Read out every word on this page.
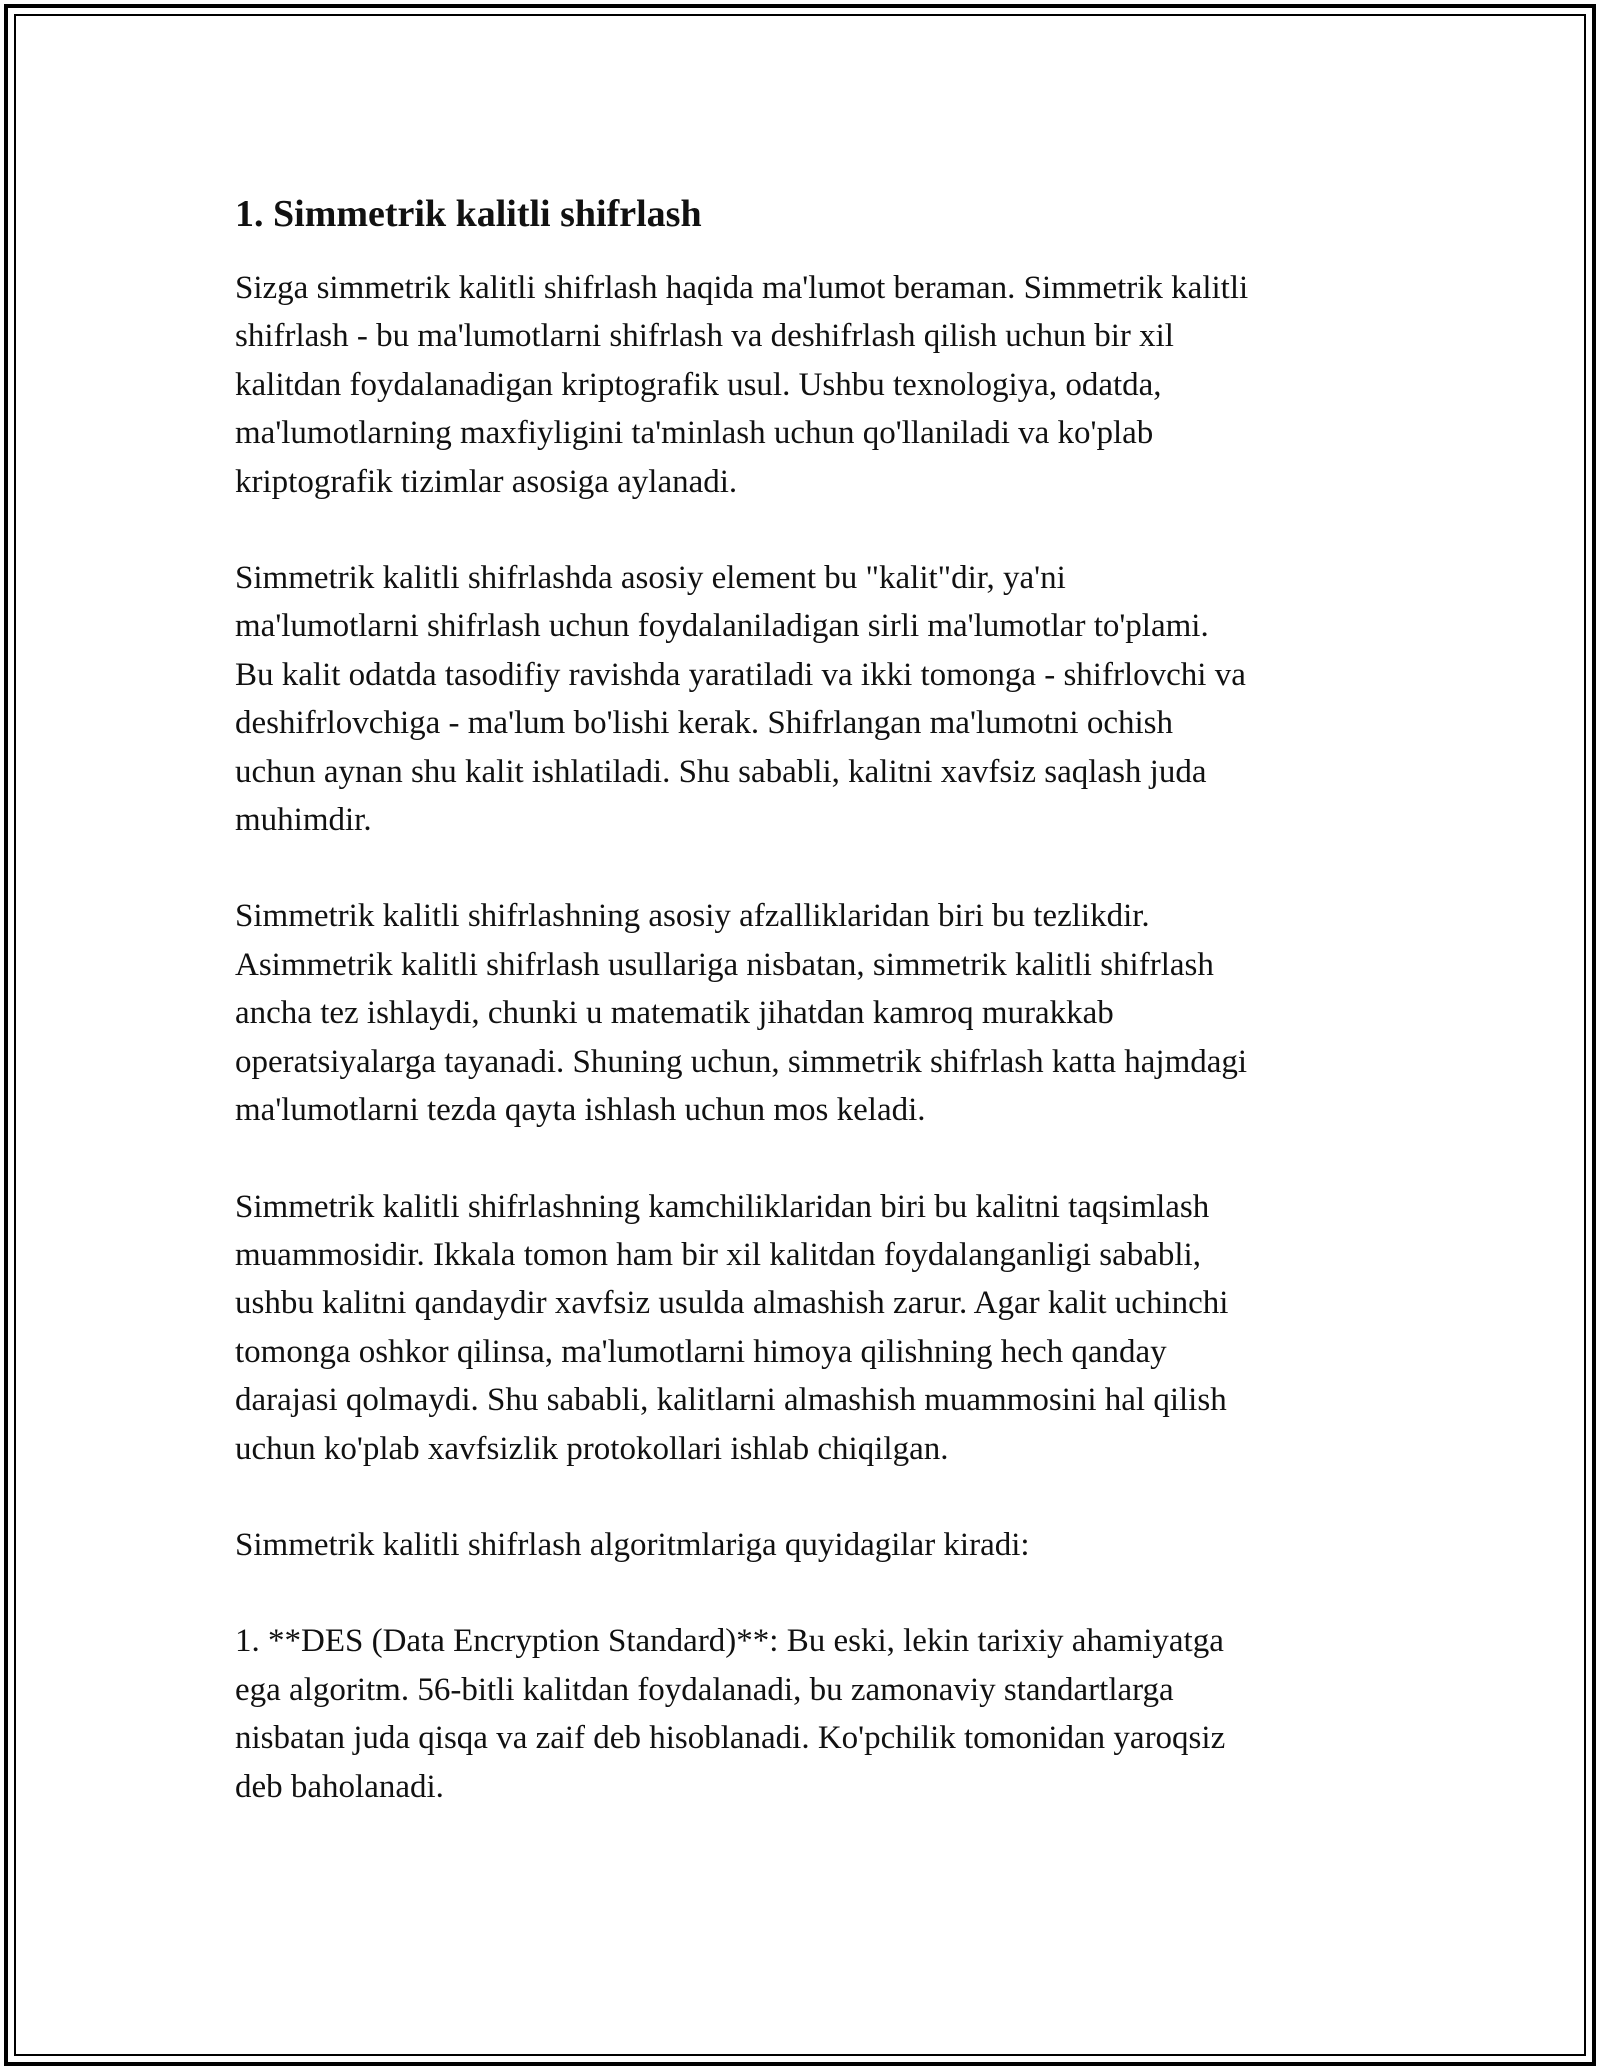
1. Simmetrik kalitli shifrlash

Sizga simmetrik kalitli shifrlash haqida ma'lumot beraman. Simmetrik kalitli
shifrlash - bu ma'lumotlarni shifrlash va deshifrlash qilish uchun bir xil
kalitdan foydalanadigan kriptografik usul. Ushbu texnologiya, odatda,
ma'lumotlarning maxfiyligini ta'minlash uchun qo'llaniladi va ko'plab
kriptografik tizimlar asosiga aylanadi.

Simmetrik kalitli shifrlashda asosiy element bu "kalit"dir, ya'ni
ma'lumotlarni shifrlash uchun foydalaniladigan sirli ma'lumotlar to'plami.
Bu kalit odatda tasodifiy ravishda yaratiladi va ikki tomonga - shifrlovchi va
deshifrlovchiga - ma'lum bo'lishi kerak. Shifrlangan ma'lumotni ochish
uchun aynan shu kalit ishlatiladi. Shu sababli, kalitni xavfsiz saqlash juda
muhimdir.

Simmetrik kalitli shifrlashning asosiy afzalliklaridan biri bu tezlikdir.
Asimmetrik kalitli shifrlash usullariga nisbatan, simmetrik kalitli shifrlash
ancha tez ishlaydi, chunki u matematik jihatdan kamroq murakkab
operatsiyalarga tayanadi. Shuning uchun, simmetrik shifrlash katta hajmdagi
ma'lumotlarni tezda qayta ishlash uchun mos keladi.

Simmetrik kalitli shifrlashning kamchiliklaridan biri bu kalitni taqsimlash
muammosidir. Ikkala tomon ham bir xil kalitdan foydalanganligi sababli,
ushbu kalitni qandaydir xavfsiz usulda almashish zarur. Agar kalit uchinchi
tomonga oshkor qilinsa, ma'lumotlarni himoya qilishning hech qanday
darajasi qolmaydi. Shu sababli, kalitlarni almashish muammosini hal qilish
uchun ko'plab xavfsizlik protokollari ishlab chiqilgan.

Simmetrik kalitli shifrlash algoritmlariga quyidagilar kiradi:

1. **DES (Data Encryption Standard)**: Bu eski, lekin tarixiy ahamiyatga
ega algoritm. 56-bitli kalitdan foydalanadi, bu zamonaviy standartlarga
nisbatan juda qisqa va zaif deb hisoblanadi. Ko'pchilik tomonidan yaroqsiz
deb baholanadi.
